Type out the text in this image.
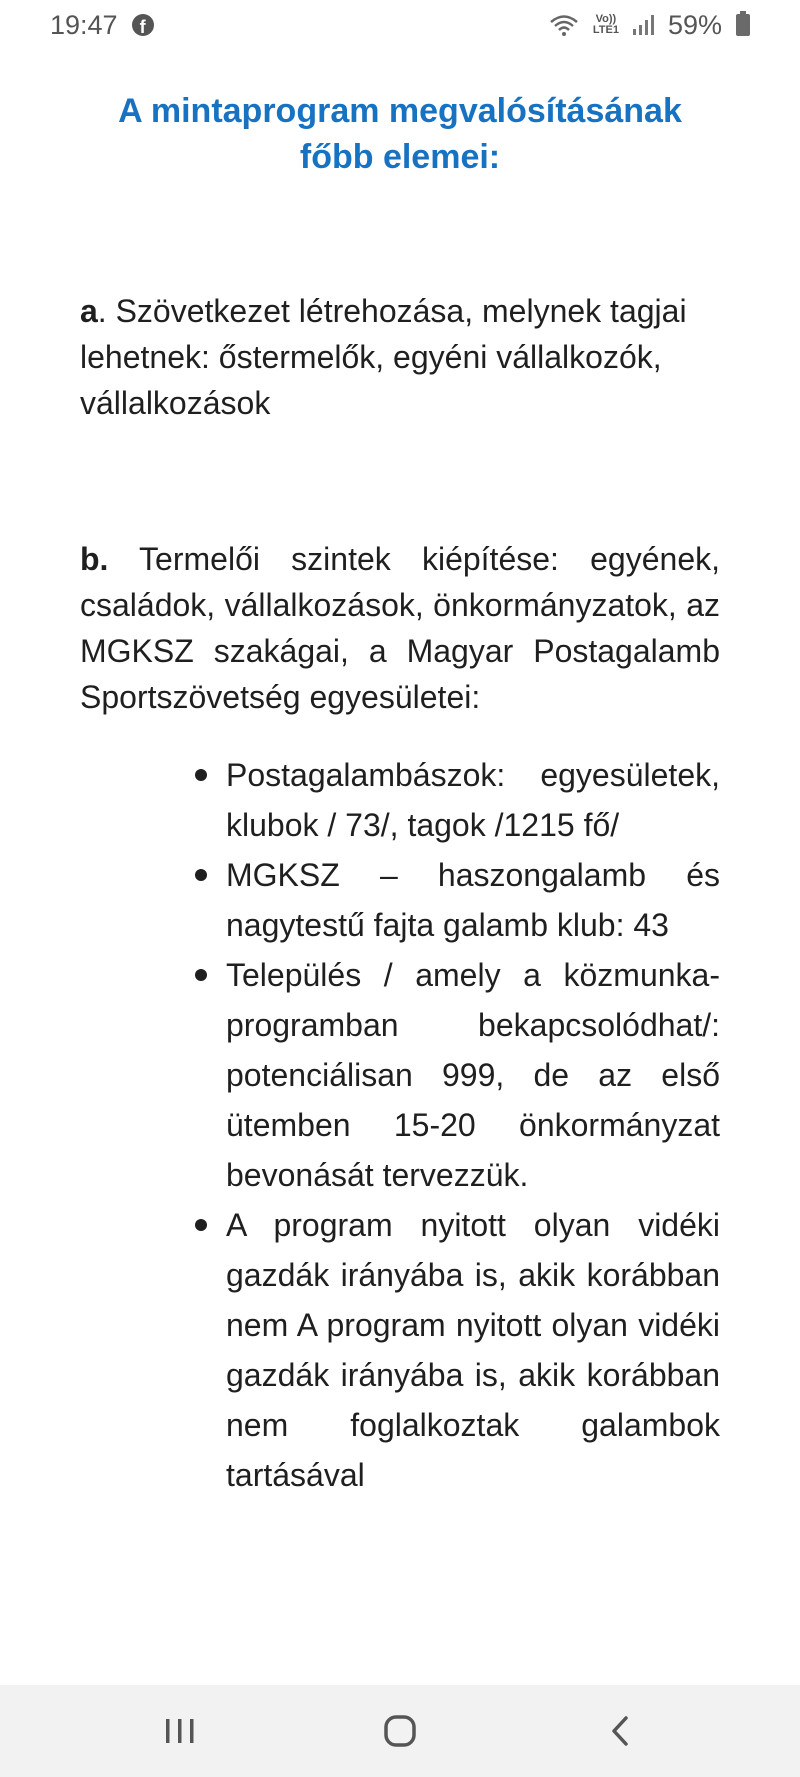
19:47 f	Vo))
LTE1 59%
A mintaprogram megvalósításának főbb elemei:

a. Szövetkezet létrehozása, melynek tagjai lehetnek: őstermelők, egyéni vállalkozók, vállalkozások

b. Termelői szintek kiépítése: egyének, családok, vállalkozások, önkormányzatok, az MGKSZ szakágai, a Magyar Postagalamb Sportszövetség egyesületei:

Postagalambászok: egyesületek, klubok / 73/, tagok /1215 fő/
MGKSZ – haszongalamb és nagytestű fajta galamb klub: 43
Település / amely a közmunka-programban bekapcsolódhat/: potenciálisan 999, de az első ütemben 15-20 önkormányzat bevonását tervezzük.
A program nyitott olyan vidéki gazdák irányába is, akik korábban nem A program nyitott olyan vidéki gazdák irányába is, akik korábban nem foglalkoztak galambok tartásával
